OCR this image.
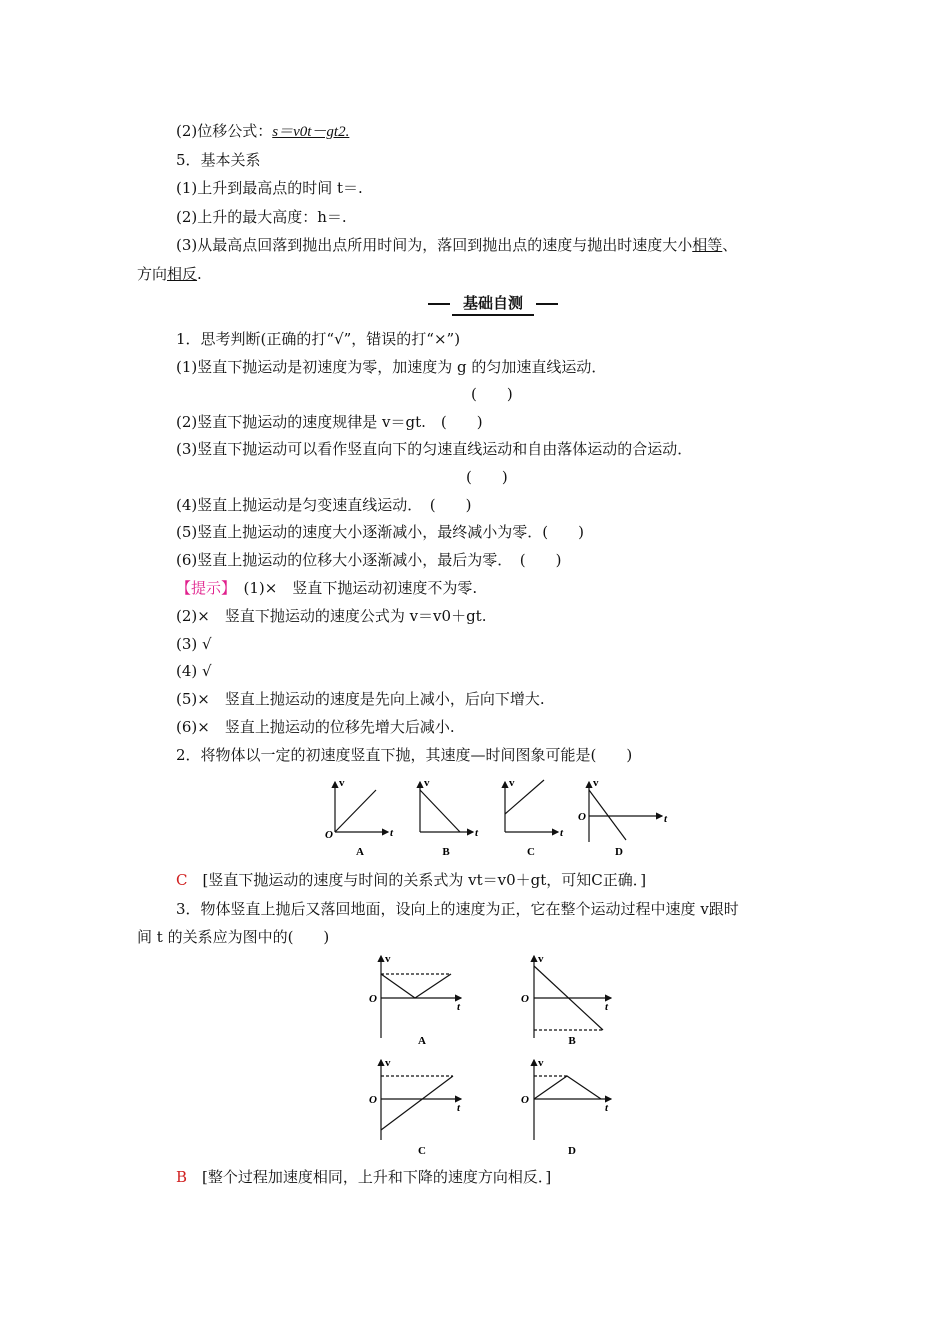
(2)位移公式：s＝v0t－gt2.
5．基本关系
(1)上升到最高点的时间 t＝.
(2)上升的最大高度：h＝.
(3)从最高点回落到抛出点所用时间为，落回到抛出点的速度与抛出时速度大小相等、
方向相反.
基础自测
1．思考判断(正确的打“√”，错误的打“×”)
(1)竖直下抛运动是初速度为零，加速度为 g 的匀加速直线运动．
(　　)
(2)竖直下抛运动的速度规律是 v＝gt.　(　　)
(3)竖直下抛运动可以看作竖直向下的匀速直线运动和自由落体运动的合运动．
(　　)
(4)竖直上抛运动是匀变速直线运动．　(　　)
(5)竖直上抛运动的速度大小逐渐减小，最终减小为零．(　　)
(6)竖直上抛运动的位移大小逐渐减小，最后为零．　(　　)
【提示】　(1)×　竖直下抛运动初速度不为零.
(2)×　竖直下抛运动的速度公式为 v＝v0＋gt.
(3) √
(4) √
(5)×　竖直上抛运动的速度是先向上减小，后向下增大.
(6)×　竖直上抛运动的位移先增大后减小.
2．将物体以一定的初速度竖直下抛，其速度—时间图象可能是(　　)
v
t
O
A
v
t
B
v
t
C
v
t
O
D
C　 [竖直下抛运动的速度与时间的关系式为 vt＝v0＋gt，可知C正确．]
3．物体竖直上抛后又落回地面，设向上的速度为正，它在整个运动过程中速度 v跟时
间 t 的关系应为图中的(　　)
v
t
O
A
v
t
O
B
v
t
O
C
v
t
O
D
B　 [整个过程加速度相同，上升和下降的速度方向相反．]
